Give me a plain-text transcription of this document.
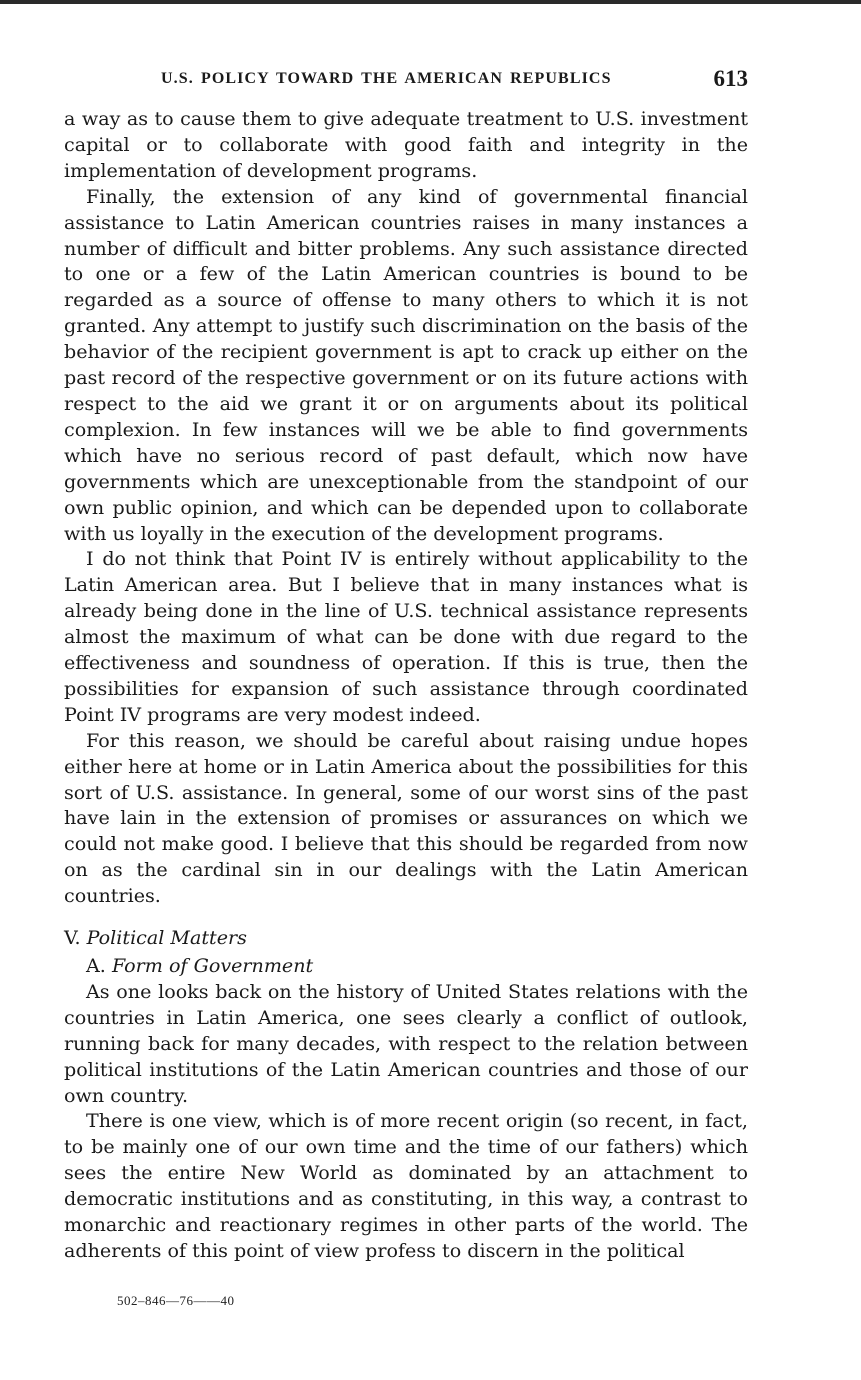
U.S. POLICY TOWARD THE AMERICAN REPUBLICS	613

a way as to cause them to give adequate treatment to U.S. investment capital or to collaborate with good faith and integrity in the implementation of development programs.

Finally, the extension of any kind of governmental financial assistance to Latin American countries raises in many instances a number of difficult and bitter problems. Any such assistance directed to one or a few of the Latin American countries is bound to be regarded as a source of offense to many others to which it is not granted. Any attempt to justify such discrimination on the basis of the behavior of the recipient government is apt to crack up either on the past record of the respective government or on its future actions with respect to the aid we grant it or on arguments about its political complexion. In few instances will we be able to find governments which have no serious record of past default, which now have governments which are unexceptionable from the standpoint of our own public opinion, and which can be depended upon to collaborate with us loyally in the execution of the development programs.

I do not think that Point IV is entirely without applicability to the Latin American area. But I believe that in many instances what is already being done in the line of U.S. technical assistance represents almost the maximum of what can be done with due regard to the effectiveness and soundness of operation. If this is true, then the possibilities for expansion of such assistance through coordinated Point IV programs are very modest indeed.

For this reason, we should be careful about raising undue hopes either here at home or in Latin America about the possibilities for this sort of U.S. assistance. In general, some of our worst sins of the past have lain in the extension of promises or assurances on which we could not make good. I believe that this should be regarded from now on as the cardinal sin in our dealings with the Latin American countries.

V. Political Matters
A. Form of Government

As one looks back on the history of United States relations with the countries in Latin America, one sees clearly a conflict of outlook, running back for many decades, with respect to the relation between political institutions of the Latin American countries and those of our own country.

There is one view, which is of more recent origin (so recent, in fact, to be mainly one of our own time and the time of our fathers) which sees the entire New World as dominated by an attachment to democratic institutions and as constituting, in this way, a contrast to monarchic and reactionary regimes in other parts of the world. The adherents of this point of view profess to discern in the political

502–846—76——40
